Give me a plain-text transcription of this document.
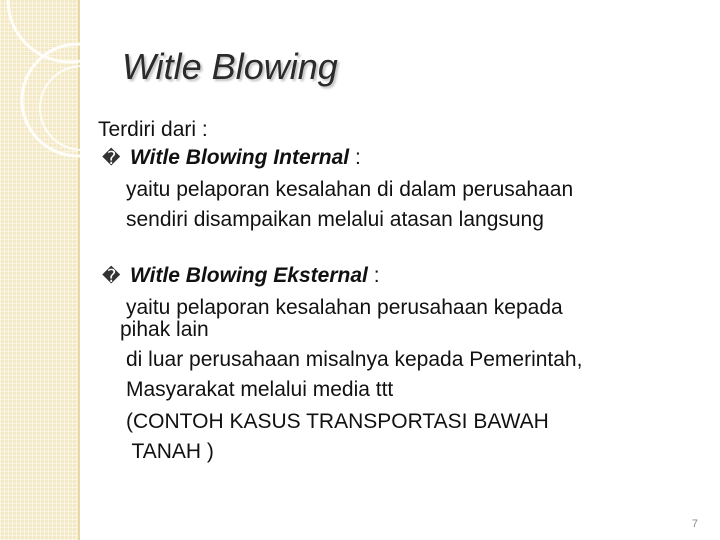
Witle Blowing
Terdiri dari :
� Witle Blowing Internal :
yaitu pelaporan kesalahan di dalam perusahaan
sendiri disampaikan melalui atasan langsung
� Witle Blowing Eksternal :
yaitu pelaporan kesalahan perusahaan kepada
pihak lain
di luar perusahaan misalnya kepada Pemerintah,
Masyarakat melalui media ttt
(CONTOH KASUS TRANSPORTASI BAWAH
TANAH )
7
